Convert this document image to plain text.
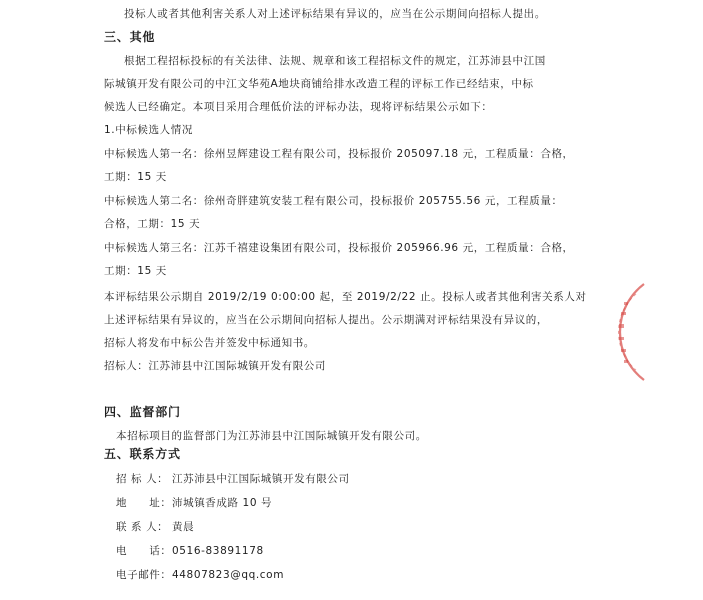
投标人或者其他利害关系人对上述评标结果有异议的，应当在公示期间向招标人提出。
三、其他
根据工程招标投标的有关法律、法规、规章和该工程招标文件的规定，江苏沛县中江国
际城镇开发有限公司的中江文华苑A地块商铺给排水改造工程的评标工作已经结束，中标
候选人已经确定。本项目采用合理低价法的评标办法，现将评标结果公示如下：
1.中标候选人情况
中标候选人第一名：徐州昱辉建设工程有限公司，投标报价 205097.18 元，工程质量：合格，
工期：15 天
中标候选人第二名：徐州奇胖建筑安装工程有限公司，投标报价 205755.56 元，工程质量：
合格，工期：15 天
中标候选人第三名：江苏千禧建设集团有限公司，投标报价 205966.96 元，工程质量：合格，
工期：15 天
本评标结果公示期自 2019/2/19 0:00:00 起，至 2019/2/22 止。投标人或者其他利害关系人对
上述评标结果有异议的，应当在公示期间向招标人提出。公示期满对评标结果没有异议的，
招标人将发布中标公告并签发中标通知书。
招标人：江苏沛县中江国际城镇开发有限公司
四、监督部门
本招标项目的监督部门为江苏沛县中江国际城镇开发有限公司。
五、联系方式
招 标 人： 江苏沛县中江国际城镇开发有限公司
地　　址：沛城镇香成路 10 号
联 系 人： 黄晨
电　　话：0516-83891178
电子邮件：44807823@qq.com
